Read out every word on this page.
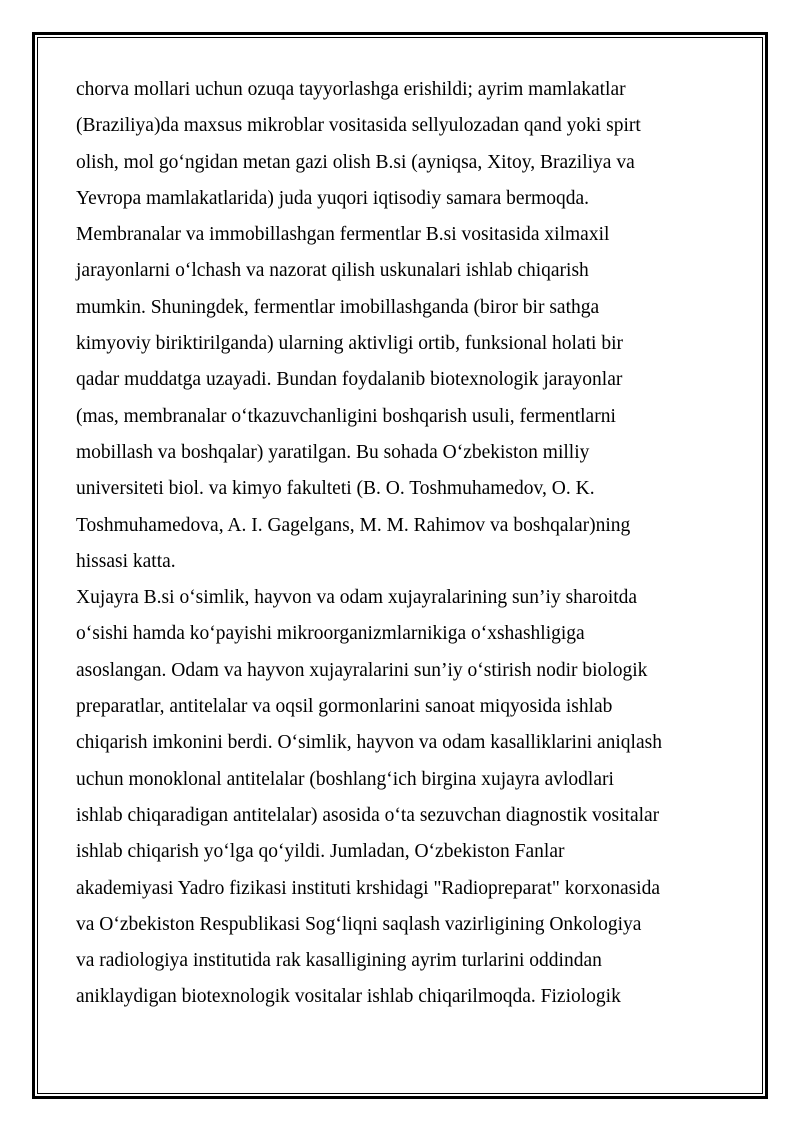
chorva mollari uchun ozuqa tayyorlashga erishildi; ayrim mamlakatlar
(Braziliya)da maxsus mikroblar vositasida sellyulozadan qand yoki spirt
olish, mol go‘ngidan metan gazi olish B.si (ayniqsa, Xitoy, Braziliya va
Yevropa mamlakatlarida) juda yuqori iqtisodiy samara bermoqda.
Membranalar va immobillashgan fermentlar B.si vositasida xilmaxil
jarayonlarni o‘lchash va nazorat qilish uskunalari ishlab chiqarish
mumkin. Shuningdek, fermentlar imobillashganda (biror bir sathga
kimyoviy biriktirilganda) ularning aktivligi ortib, funksional holati bir
qadar muddatga uzayadi. Bundan foydalanib biotexnologik jarayonlar
(mas, membranalar o‘tkazuvchanligini boshqarish usuli, fermentlarni
mobillash va boshqalar) yaratilgan. Bu sohada O‘zbekiston milliy
universiteti biol. va kimyo fakulteti (B. O. Toshmuhamedov, O. K.
Toshmuhamedova, A. I. Gagelgans, M. M. Rahimov va boshqalar)ning
hissasi katta.
Xujayra B.si o‘simlik, hayvon va odam xujayralarining sun’iy sharoitda
o‘sishi hamda ko‘payishi mikroorganizmlarnikiga o‘xshashligiga
asoslangan. Odam va hayvon xujayralarini sun’iy o‘stirish nodir biologik
preparatlar, antitelalar va oqsil gormonlarini sanoat miqyosida ishlab
chiqarish imkonini berdi. O‘simlik, hayvon va odam kasalliklarini aniqlash
uchun monoklonal antitelalar (boshlang‘ich birgina xujayra avlodlari
ishlab chiqaradigan antitelalar) asosida o‘ta sezuvchan diagnostik vositalar
ishlab chiqarish yo‘lga qo‘yildi. Jumladan, O‘zbekiston Fanlar
akademiyasi Yadro fizikasi instituti krshidagi "Radiopreparat" korxonasida
va O‘zbekiston Respublikasi Sog‘liqni saqlash vazirligining Onkologiya
va radiologiya institutida rak kasalligining ayrim turlarini oddindan
aniklaydigan biotexnologik vositalar ishlab chiqarilmoqda. Fiziologik
